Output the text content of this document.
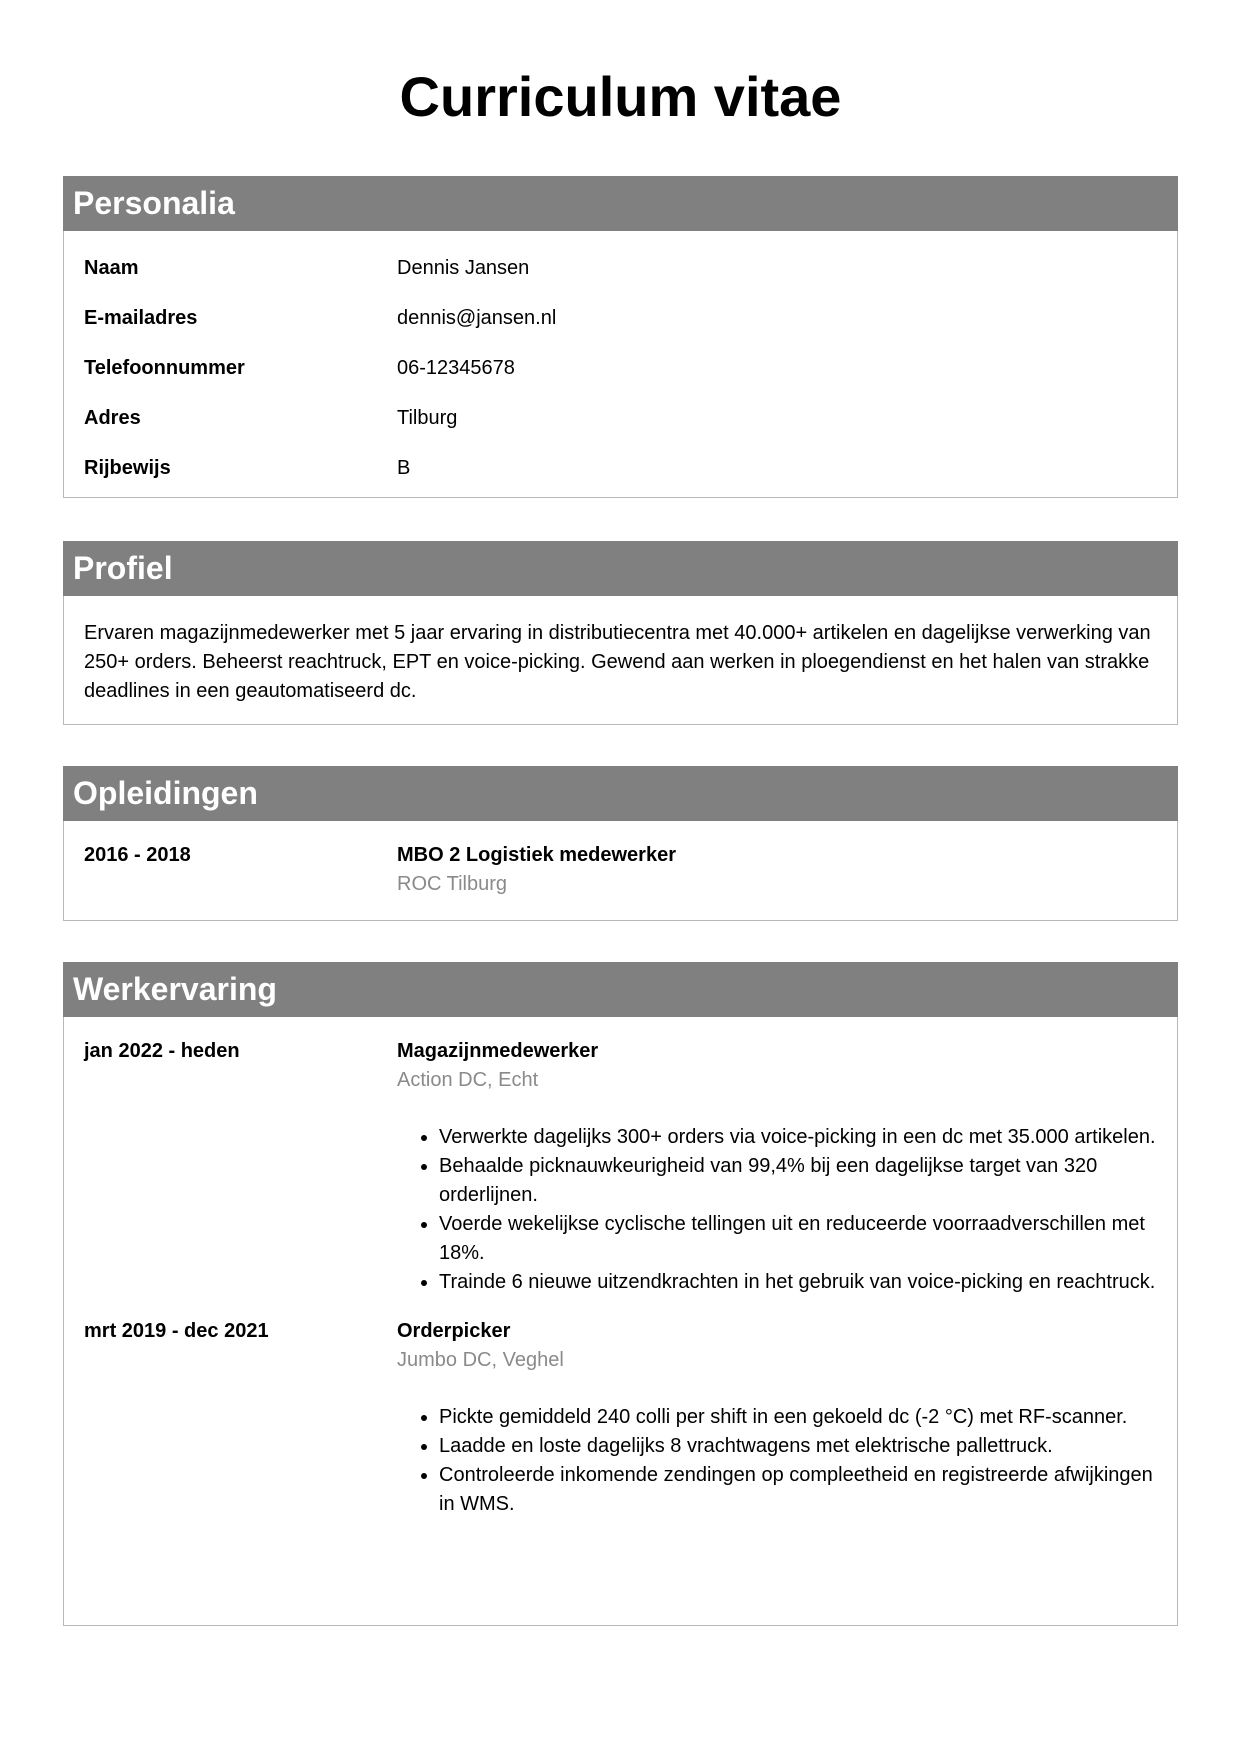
Curriculum vitae
Personalia
Naam	Dennis Jansen
E-mailadres	dennis@jansen.nl
Telefoonnummer	06-12345678
Adres	Tilburg
Rijbewijs	B
Profiel

Ervaren magazijnmedewerker met 5 jaar ervaring in distributiecentra met 40.000+ artikelen en dagelijkse verwerking van 250+ orders. Beheerst reachtruck, EPT en voice-picking. Gewend aan werken in ploegendienst en het halen van strakke deadlines in een geautomatiseerd dc.

Opleidingen
2016 - 2018	MBO 2 Logistiek medewerker
ROC Tilburg
Werkervaring
jan 2022 - heden	Magazijnmedewerker
Action DC, Echt
• Verwerkte dagelijks 300+ orders via voice-picking in een dc met 35.000 artikelen.
• Behaalde picknauwkeurigheid van 99,4% bij een dagelijkse target van 320 orderlijnen.
• Voerde wekelijkse cyclische tellingen uit en reduceerde voorraadverschillen met 18%.
• Trainde 6 nieuwe uitzendkrachten in het gebruik van voice-picking en reachtruck.
mrt 2019 - dec 2021	Orderpicker
Jumbo DC, Veghel
• Pickte gemiddeld 240 colli per shift in een gekoeld dc (-2 °C) met RF-scanner.
• Laadde en loste dagelijks 8 vrachtwagens met elektrische pallettruck.
• Controleerde inkomende zendingen op compleetheid en registreerde afwijkingen in WMS.
